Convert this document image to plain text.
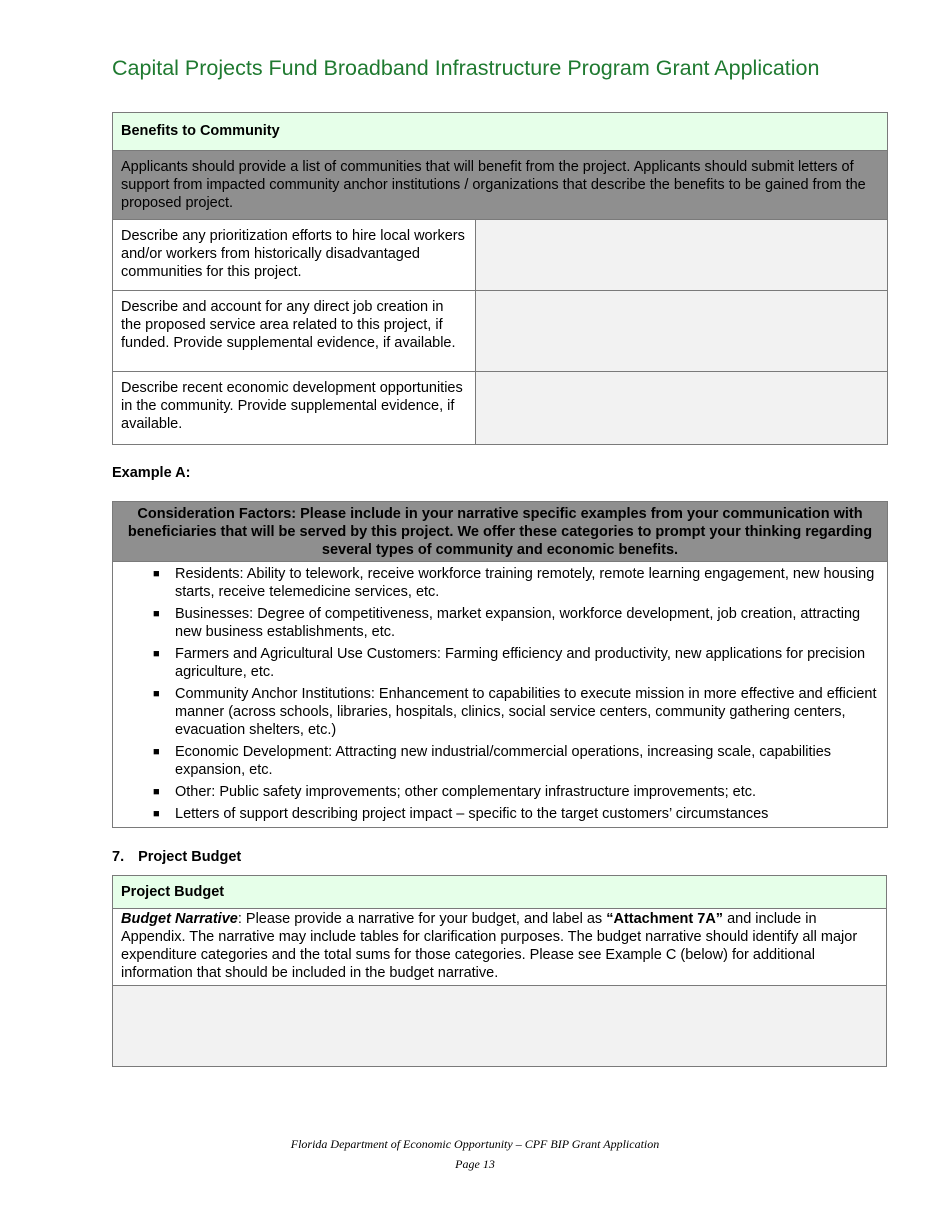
Capital Projects Fund Broadband Infrastructure Program Grant Application
Benefits to Community	
Applicants should provide a list of communities that will benefit from the project. Applicants should submit letters of support from impacted community anchor institutions / organizations that describe the benefits to be gained from the proposed project.	
Describe any prioritization efforts to hire local workers and/or workers from historically disadvantaged communities for this project.	
Describe and account for any direct job creation in the proposed service area related to this project, if funded. Provide supplemental evidence, if available.	
Describe recent economic development opportunities in the community. Provide supplemental evidence, if available.	

Example A:

Consideration Factors: Please include in your narrative specific examples from your communication with beneficiaries that will be served by this project. We offer these categories to prompt your thinking regarding several types of community and economic benefits.

■ Residents: Ability to telework, receive workforce training remotely, remote learning engagement, new housing starts, receive telemedicine services, etc.
■ Businesses: Degree of competitiveness, market expansion, workforce development, job creation, attracting new business establishments, etc.
■ Farmers and Agricultural Use Customers: Farming efficiency and productivity, new applications for precision agriculture, etc.
■ Community Anchor Institutions: Enhancement to capabilities to execute mission in more effective and efficient manner (across schools, libraries, hospitals, clinics, social service centers, community gathering centers, evacuation shelters, etc.)
■ Economic Development: Attracting new industrial/commercial operations, increasing scale, capabilities expansion, etc.
■ Other: Public safety improvements; other complementary infrastructure improvements; etc.
■ Letters of support describing project impact – specific to the target customers’ circumstances

7. Project Budget

Project Budget
Budget Narrative: Please provide a narrative for your budget, and label as “Attachment 7A” and include in Appendix. The narrative may include tables for clarification purposes. The budget narrative should identify all major expenditure categories and the total sums for those categories. Please see Example C (below) for additional information that should be included in the budget narrative.

Florida Department of Economic Opportunity – CPF BIP Grant Application

Page 13
